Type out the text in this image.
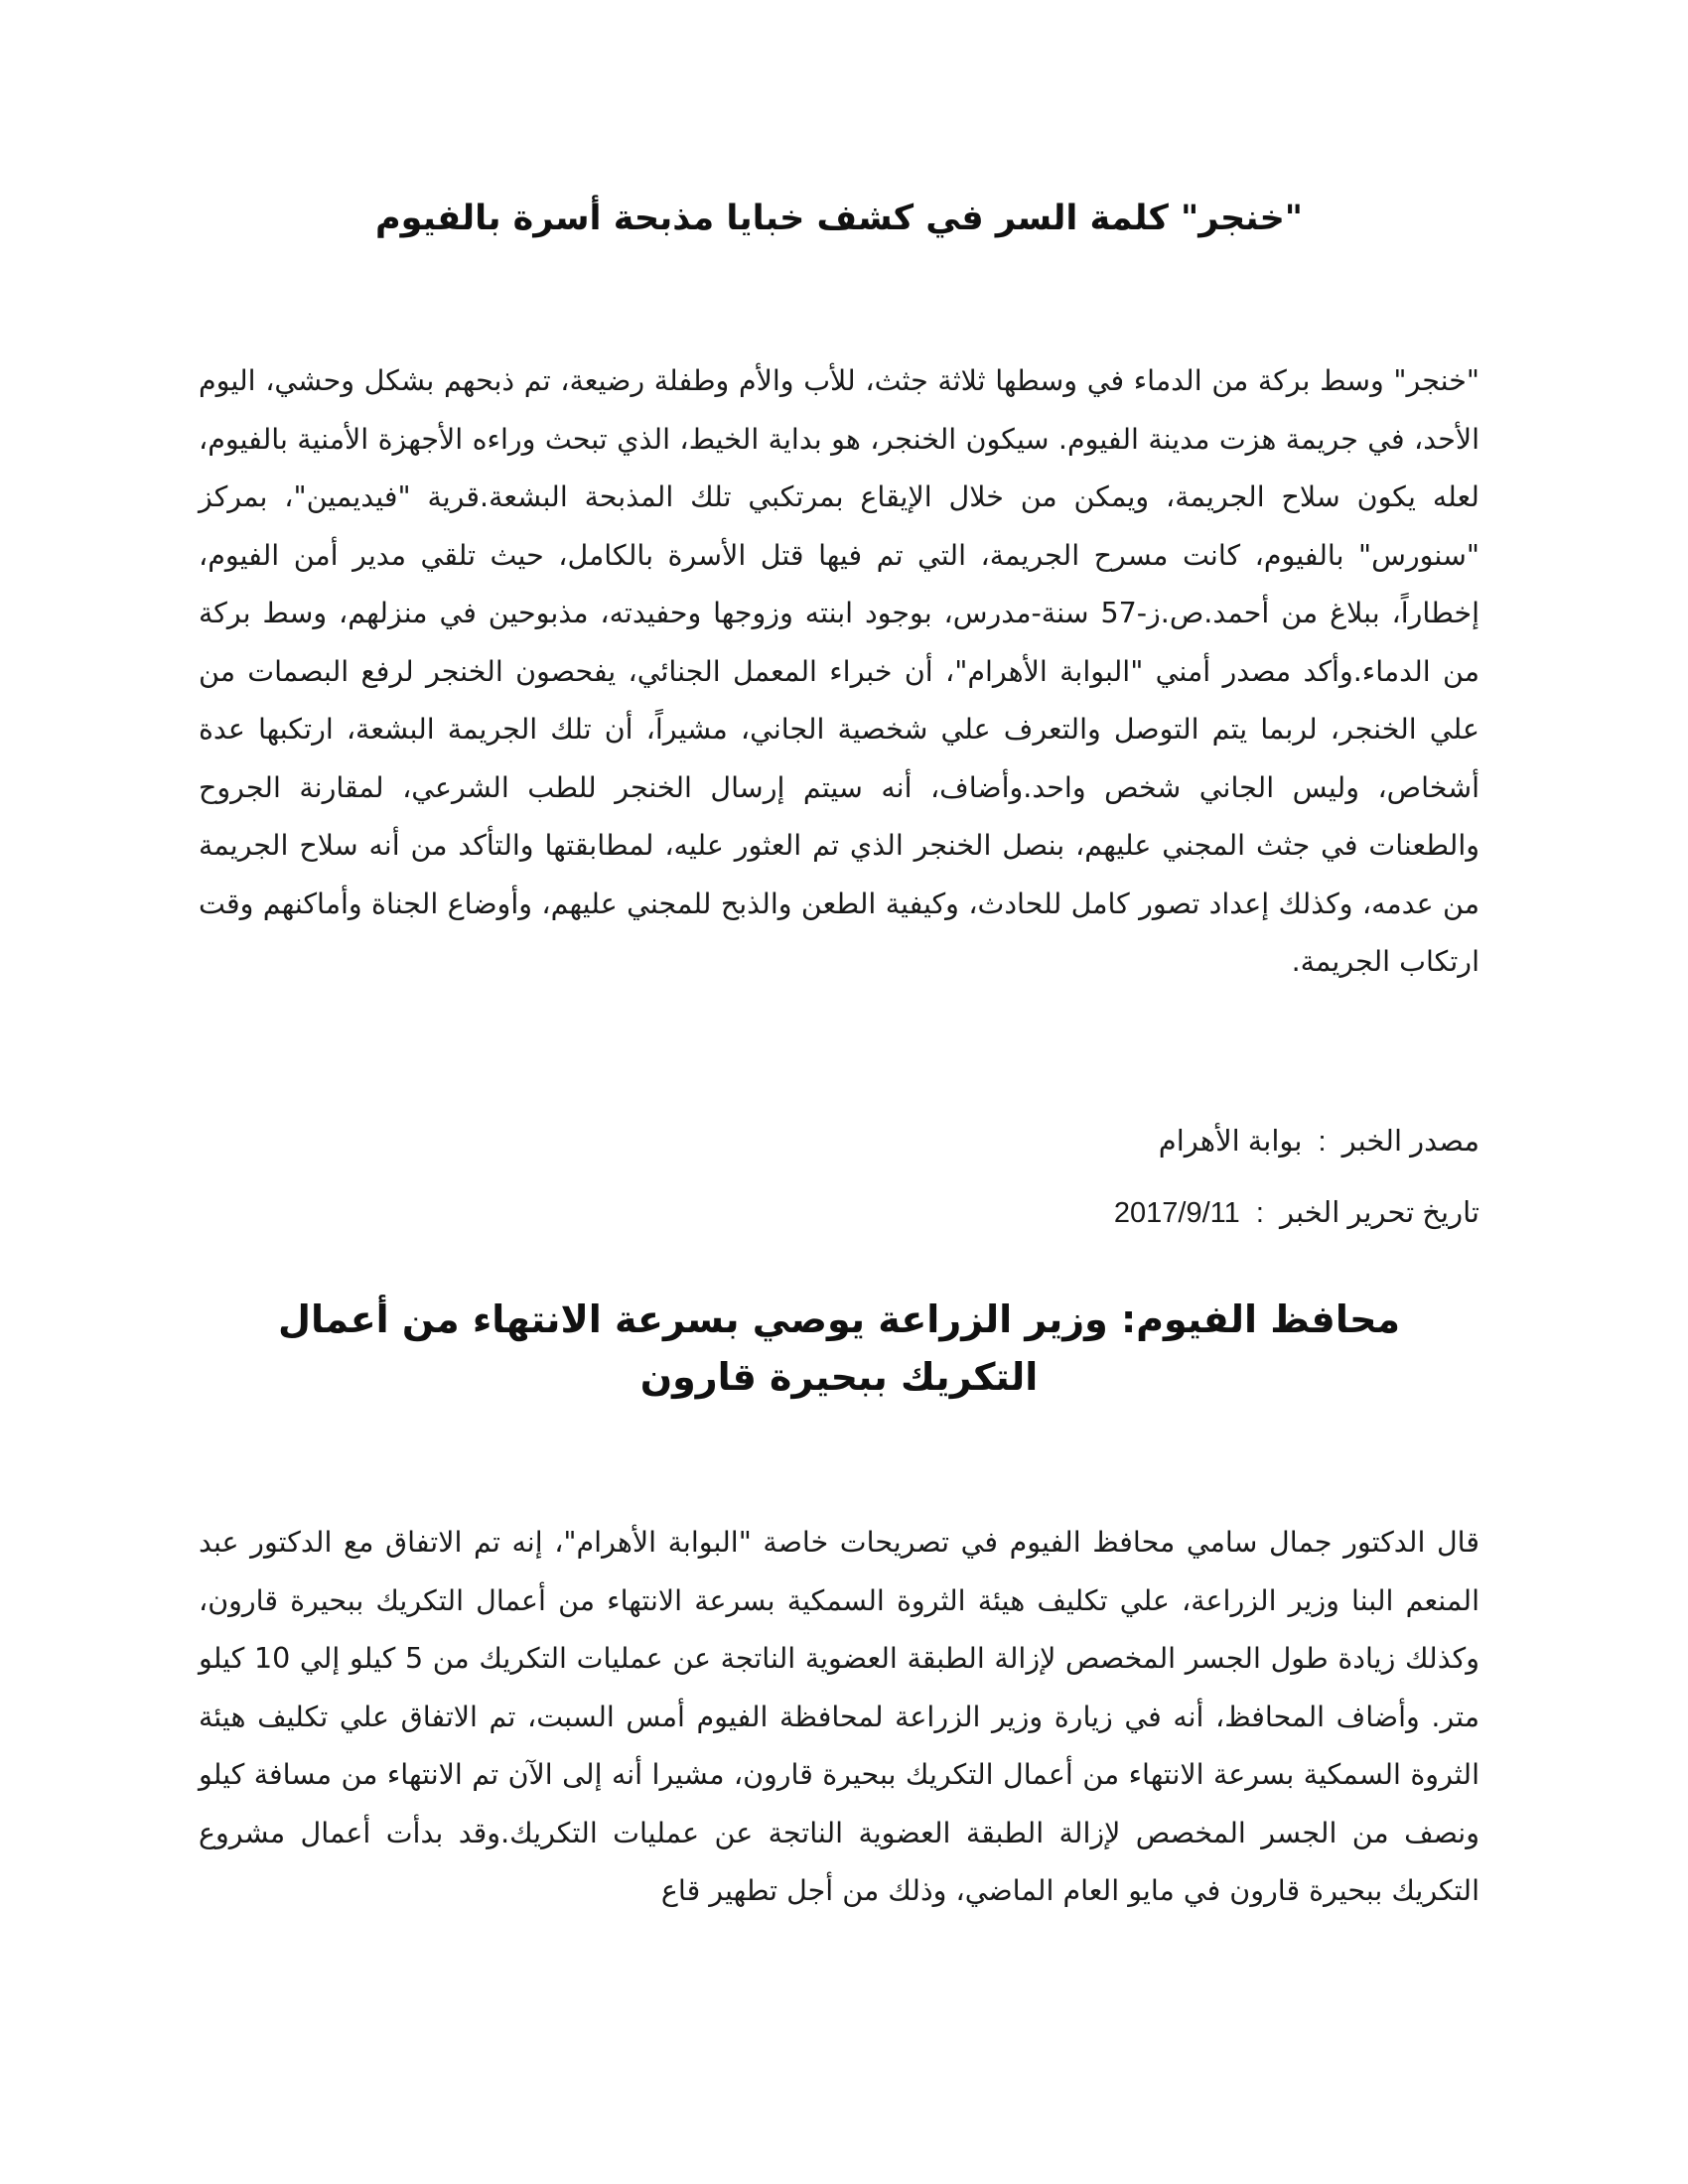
"خنجر" كلمة السر في كشف خبايا مذبحة أسرة بالفيوم

"خنجر" وسط بركة من الدماء في وسطها ثلاثة جثث، للأب والأم وطفلة رضيعة، تم ذبحهم بشكل وحشي، اليوم الأحد، في جريمة هزت مدينة الفيوم. سيكون الخنجر، هو بداية الخيط، الذي تبحث وراءه الأجهزة الأمنية بالفيوم، لعله يكون سلاح الجريمة، ويمكن من خلال الإيقاع بمرتكبي تلك المذبحة البشعة.قرية "فيديمين"، بمركز "سنورس" بالفيوم، كانت مسرح الجريمة، التي تم فيها قتل الأسرة بالكامل، حيث تلقي مدير أمن الفيوم، إخطاراً، ببلاغ من أحمد.ص.ز-57 سنة-مدرس، بوجود ابنته وزوجها وحفيدته، مذبوحين في منزلهم، وسط بركة من الدماء.وأكد مصدر أمني "البوابة الأهرام"، أن خبراء المعمل الجنائي، يفحصون الخنجر لرفع البصمات من علي الخنجر، لربما يتم التوصل والتعرف علي شخصية الجاني، مشيراً، أن تلك الجريمة البشعة، ارتكبها عدة أشخاص، وليس الجاني شخص واحد.وأضاف، أنه سيتم إرسال الخنجر للطب الشرعي، لمقارنة الجروح والطعنات في جثث المجني عليهم، بنصل الخنجر الذي تم العثور عليه، لمطابقتها والتأكد من أنه سلاح الجريمة من عدمه، وكذلك إعداد تصور كامل للحادث، وكيفية الطعن والذبح للمجني عليهم، وأوضاع الجناة وأماكنهم وقت ارتكاب الجريمة.

مصدر الخبر : بوابة الأهرام

تاريخ تحرير الخبر : 2017/9/11

محافظ الفيوم: وزير الزراعة يوصي بسرعة الانتهاء من أعمال التكريك ببحيرة قارون

قال الدكتور جمال سامي محافظ الفيوم في تصريحات خاصة "البوابة الأهرام"، إنه تم الاتفاق مع الدكتور عبد المنعم البنا وزير الزراعة، علي تكليف هيئة الثروة السمكية بسرعة الانتهاء من أعمال التكريك ببحيرة قارون، وكذلك زيادة طول الجسر المخصص لإزالة الطبقة العضوية الناتجة عن عمليات التكريك من 5 كيلو إلي 10 كيلو متر. وأضاف المحافظ، أنه في زيارة وزير الزراعة لمحافظة الفيوم أمس السبت، تم الاتفاق علي تكليف هيئة الثروة السمكية بسرعة الانتهاء من أعمال التكريك ببحيرة قارون، مشيرا أنه إلى الآن تم الانتهاء من مسافة كيلو ونصف من الجسر المخصص لإزالة الطبقة العضوية الناتجة عن عمليات التكريك.وقد بدأت أعمال مشروع التكريك ببحيرة قارون في مايو العام الماضي، وذلك من أجل تطهير قاع
